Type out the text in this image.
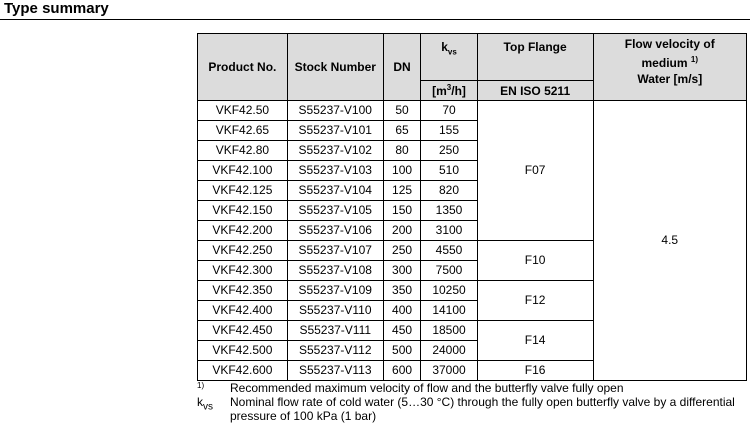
Type summary
Product No.	Stock Number	DN	$k_{vs}$	Top Flange	Flow velocity of
medium $^{1)}$
Water [m/s]

			$[m^3/h]$	EN ISO 5211	
VKF42.50	S55237-V100	50	70	F07	4.5
VKF42.65	S55237-V101	65	155		
VKF42.80	S55237-V102	80	250		
VKF42.100	S55237-V103	100	510		
VKF42.125	S55237-V104	125	820		
VKF42.150	S55237-V105	150	1350		
VKF42.200	S55237-V106	200	3100		
VKF42.250	S55237-V107	250	4550	F10	
VKF42.300	S55237-V108	300	7500		
VKF42.350	S55237-V109	350	10250	F12	
VKF42.400	S55237-V110	400	14100		
VKF42.450	S55237-V111	450	18500	F14	
VKF42.500	S55237-V112	500	24000		
VKF42.600	S55237-V113	600	37000	F16	
1)	Recommended maximum velocity of flow and the butterfly valve fully open
$k_{vs}$	Nominal flow rate of cold water (5…30 °C) through the fully open butterfly valve by a differential pressure of 100 kPa (1 bar)
